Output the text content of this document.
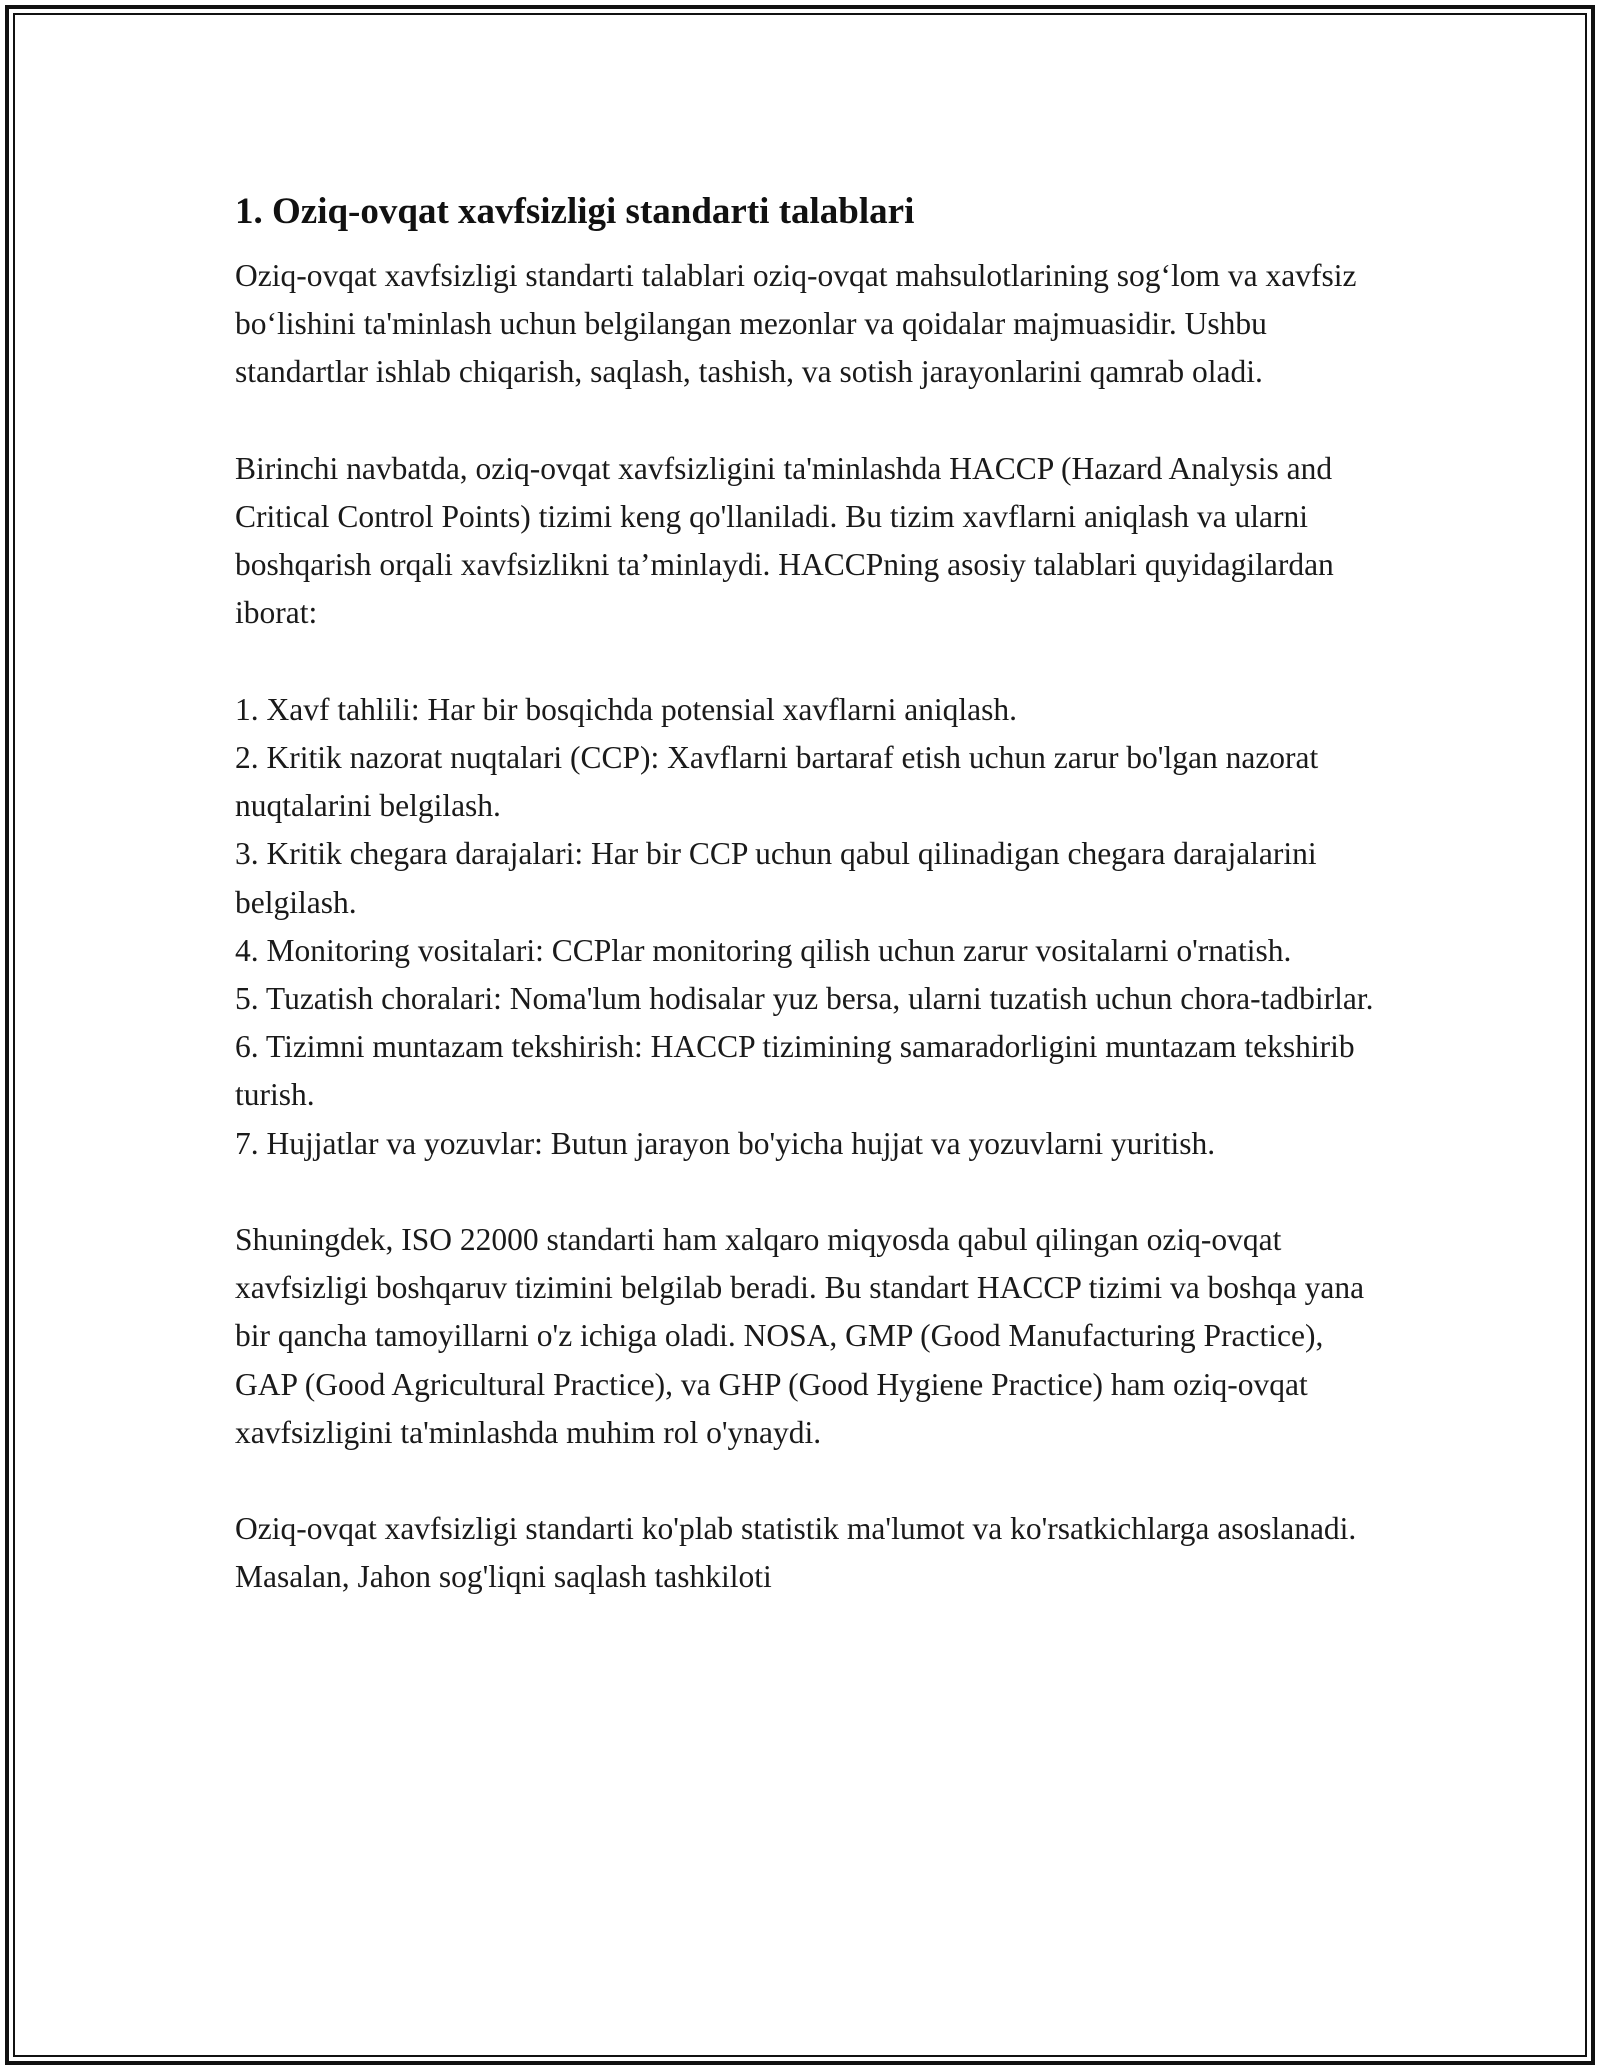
1. Oziq-ovqat xavfsizligi standarti talablari

Oziq-ovqat xavfsizligi standarti talablari oziq-ovqat mahsulotlarining sog‘lom va xavfsiz bo‘lishini ta'minlash uchun belgilangan mezonlar va qoidalar majmuasidir. Ushbu standartlar ishlab chiqarish, saqlash, tashish, va sotish jarayonlarini qamrab oladi.

Birinchi navbatda, oziq-ovqat xavfsizligini ta'minlashda HACCP (Hazard Analysis and Critical Control Points) tizimi keng qo'llaniladi. Bu tizim xavflarni aniqlash va ularni boshqarish orqali xavfsizlikni ta’minlaydi. HACCPning asosiy talablari quyidagilardan iborat:

1. Xavf tahlili: Har bir bosqichda potensial xavflarni aniqlash.
2. Kritik nazorat nuqtalari (CCP): Xavflarni bartaraf etish uchun zarur bo'lgan nazorat nuqtalarini belgilash.
3. Kritik chegara darajalari: Har bir CCP uchun qabul qilinadigan chegara darajalarini belgilash.
4. Monitoring vositalari: CCPlar monitoring qilish uchun zarur vositalarni o'rnatish.
5. Tuzatish choralari: Noma'lum hodisalar yuz bersa, ularni tuzatish uchun chora-tadbirlar.
6. Tizimni muntazam tekshirish: HACCP tizimining samaradorligini muntazam tekshirib turish.
7. Hujjatlar va yozuvlar: Butun jarayon bo'yicha hujjat va yozuvlarni yuritish.

Shuningdek, ISO 22000 standarti ham xalqaro miqyosda qabul qilingan oziq-ovqat xavfsizligi boshqaruv tizimini belgilab beradi. Bu standart HACCP tizimi va boshqa yana bir qancha tamoyillarni o'z ichiga oladi. NOSA, GMP (Good Manufacturing Practice), GAP (Good Agricultural Practice), va GHP (Good Hygiene Practice) ham oziq-ovqat xavfsizligini ta'minlashda muhim rol o'ynaydi.

Oziq-ovqat xavfsizligi standarti ko'plab statistik ma'lumot va ko'rsatkichlarga asoslanadi. Masalan, Jahon sog'liqni saqlash tashkiloti
